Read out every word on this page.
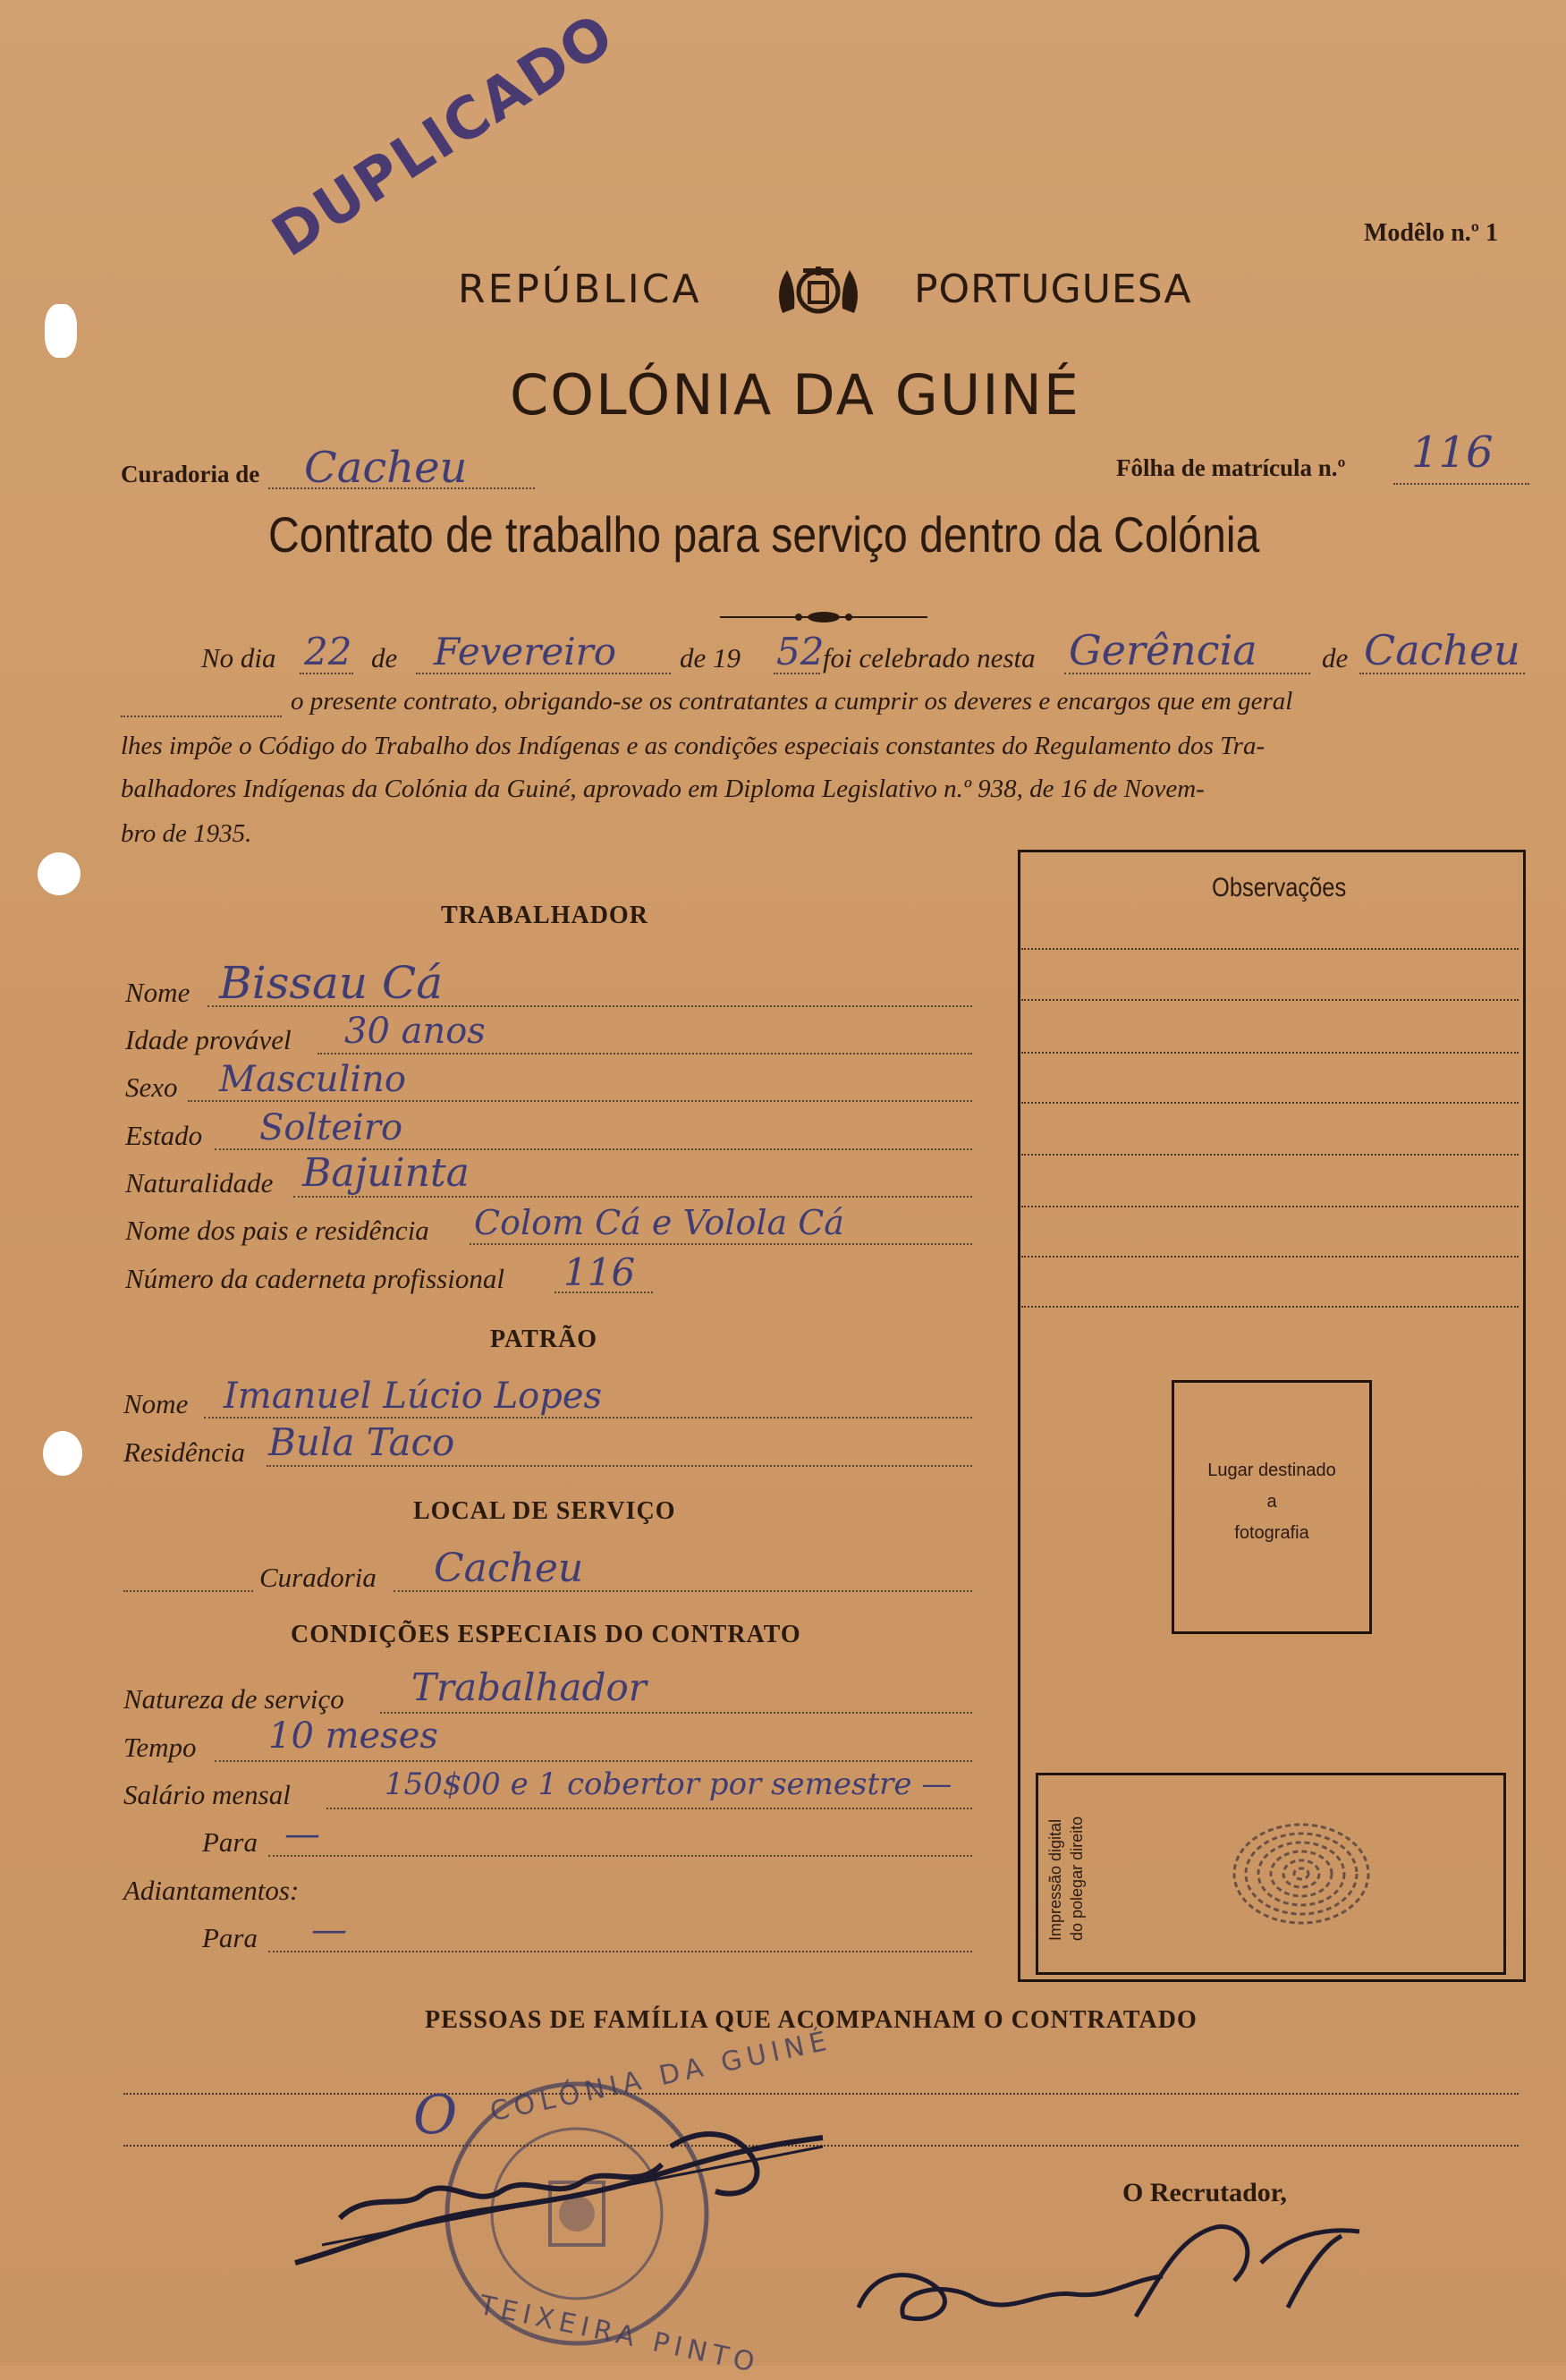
DUPLICADO	Modêlo n.º 1
REPÚBLICA	PORTUGUESA
COLÓNIA DA GUINÉ
Curadoria de Cacheu	Fôlha de matrícula n.º 116
Contrato de trabalho para serviço dentro da Colónia
No dia 22 de Fevereiro de 19 52
foi celebrado nesta Gerência de Cacheu
o presente contrato, obrigando-se os contratantes a cumprir os deveres e encargos que em geral
lhes impõe o Código do Trabalho dos Indígenas e as condições especiais constantes do Regulamento dos Tra-
balhadores Indígenas da Colónia da Guiné, aprovado em Diploma Legislativo n.º 938, de 16 de Novem-
bro de 1935.
TRABALHADOR
Nome Bissau Cá
Idade provável 30 anos
Sexo Masculino
Estado Solteiro
Naturalidade Bajuinta
Nome dos pais e residência Colom Cá e Volola Cá
Número da caderneta profissional 116
PATRÃO
Nome Imanuel Lúcio Lopes
Residência Bula Taco
LOCAL DE SERVIÇO
Curadoria Cacheu
CONDIÇÕES ESPECIAIS DO CONTRATO
Natureza de serviço Trabalhador
Tempo 10 meses
Salário mensal	150$00 e 1 cobertor por semestre —
Para —
Adiantamentos:
Para —
Observações
Lugar destinado
a
fotografia
Impressão digital do polegar direito
PESSOAS DE FAMÍLIA QUE ACOMPANHAM O CONTRATADO
O COLÓNIA DA GUINÉ
TEIXEIRA PINTO
O Recrutador,
